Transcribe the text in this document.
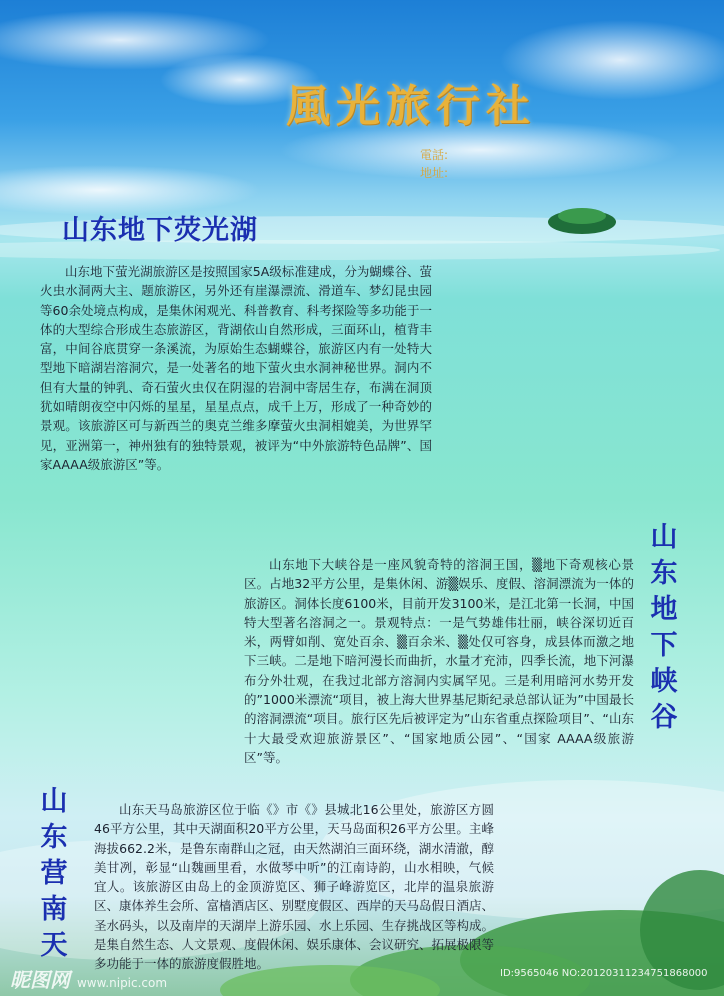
風光旅行社
電話:
地址:
山东地下荧光湖
山东地下萤光湖旅游区是按照国家5A级标准建成，分为蝴蝶谷、萤火虫水洞两大主、题旅游区，另外还有崖瀑漂流、滑道车、梦幻昆虫园等60余处境点构成，是集休闲观光、科普教育、科考探险等多功能于一体的大型综合形成生态旅游区，背湖依山自然形成，三面环山，植背丰富，中间谷底贯穿一条溪流，为原始生态蝴蝶谷，旅游区内有一处特大型地下暗湖岩溶洞穴，是一处著名的地下萤火虫水洞神秘世界。洞内不但有大量的钟乳、奇石萤火虫仅在阴湿的岩洞中寄居生存，布满在洞顶犹如晴朗夜空中闪烁的星星，星星点点，成千上万，形成了一种奇妙的景观。该旅游区可与新西兰的奥克兰维多摩萤火虫洞相媲美，为世界罕见，亚洲第一，神州独有的独特景观，被评为“中外旅游特色品牌”、国家AAAA级旅游区”等。
山东地下峡谷
山东地下大峡谷是一座风貌奇特的溶洞王国，▒地下奇观核心景区。占地32平方公里，是集休闲、游▒娱乐、度假、溶洞漂流为一体的旅游区。洞体长度6100米，目前开发3100米，是江北第一长洞，中国特大型著名溶洞之一。景观特点：一是气势雄伟壮丽，峡谷深切近百米，两臂如削、宽处百余、▒百余米、▒处仅可容身，成县体而激之地下三峡。二是地下暗河漫长而曲折，水量才充沛，四季长流，地下河瀑布分外壮观，在我过北部方溶洞内实属罕见。三是利用暗河水势开发的”1000米漂流“项目，被上海大世界基尼斯纪录总部认证为”中国最长的溶洞漂流“项目。旅行区先后被评定为”山东省重点探险项目”、“山东十大最受欢迎旅游景区”、“国家地质公园”、“国家 AAAA级旅游区”等。
山东营南天
山东天马岛旅游区位于临《》市《》县城北16公里处，旅游区方圆46平方公里，其中天湖面积20平方公里，天马岛面积26平方公里。主峰海拔662.2米，是鲁东南群山之冠，由天然湖泊三面环绕，湖水清澈，醇美甘冽，彰显“山魏画里看，水做琴中听”的江南诗韵，山水相映，气候宜人。该旅游区由岛上的金顶游览区、狮子峰游览区，北岸的温泉旅游区、康体养生会所、富樯酒店区、别墅度假区、西岸的天马岛假日酒店、圣水码头，以及南岸的天湖岸上游乐园、水上乐园、生存挑战区等构成。是集自然生态、人文景观、度假休闲、娱乐康体、会议研究、拓展极限等多功能于一体的旅游度假胜地。
昵图网 www.nipic.com
ID:9565046 NO:20120311234751868000
